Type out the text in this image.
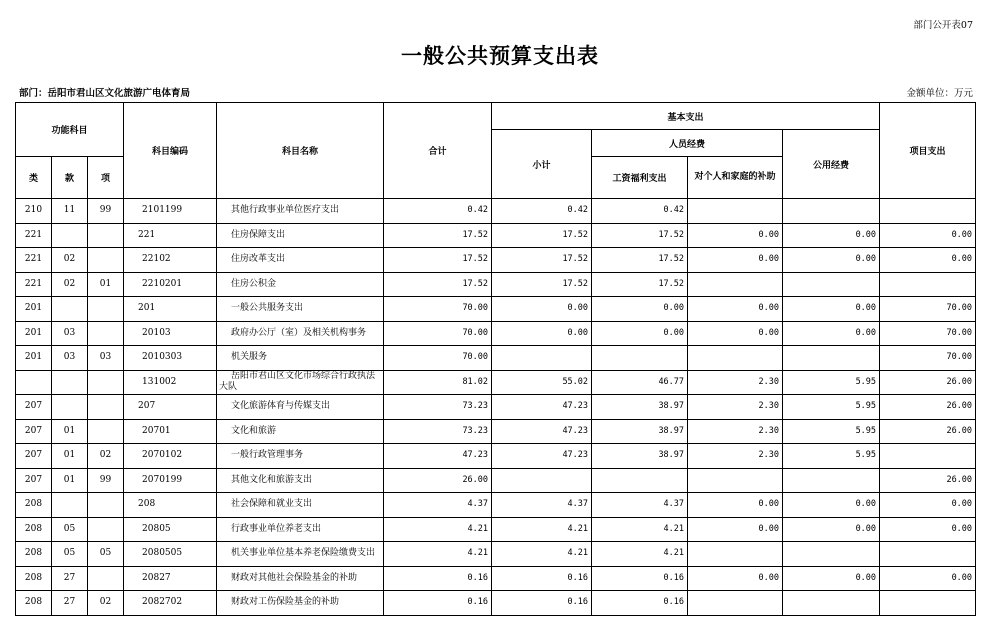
部门公开表07
一般公共预算支出表
部门：岳阳市君山区文化旅游广电体育局	金额单位：万元
功能科目			科目编码	科目名称	合计	基本支出				项目支出
						小计	人员经费		公用经费	
类	款	项					工资福利支出	对个人和家庭的补助		
210	11	99	2101199	其他行政事业单位医疗支出	0.42	0.42	0.42			
221			221	住房保障支出	17.52	17.52	17.52	0.00	0.00	0.00
221	02		22102	住房改革支出	17.52	17.52	17.52	0.00	0.00	0.00
221	02	01	2210201	住房公积金	17.52	17.52	17.52			
201			201	一般公共服务支出	70.00	0.00	0.00	0.00	0.00	70.00
201	03		20103	政府办公厅（室）及相关机构事务	70.00	0.00	0.00	0.00	0.00	70.00
201	03	03	2010303	机关服务	70.00					70.00
			131002	岳阳市君山区文化市场综合行政执法大队	81.02	55.02	46.77	2.30	5.95	26.00
207			207	文化旅游体育与传媒支出	73.23	47.23	38.97	2.30	5.95	26.00
207	01		20701	文化和旅游	73.23	47.23	38.97	2.30	5.95	26.00
207	01	02	2070102	一般行政管理事务	47.23	47.23	38.97	2.30	5.95	
207	01	99	2070199	其他文化和旅游支出	26.00					26.00
208			208	社会保障和就业支出	4.37	4.37	4.37	0.00	0.00	0.00
208	05		20805	行政事业单位养老支出	4.21	4.21	4.21	0.00	0.00	0.00
208	05	05	2080505	机关事业单位基本养老保险缴费支出	4.21	4.21	4.21			
208	27		20827	财政对其他社会保险基金的补助	0.16	0.16	0.16	0.00	0.00	0.00
208	27	02	2082702	财政对工伤保险基金的补助	0.16	0.16	0.16			
